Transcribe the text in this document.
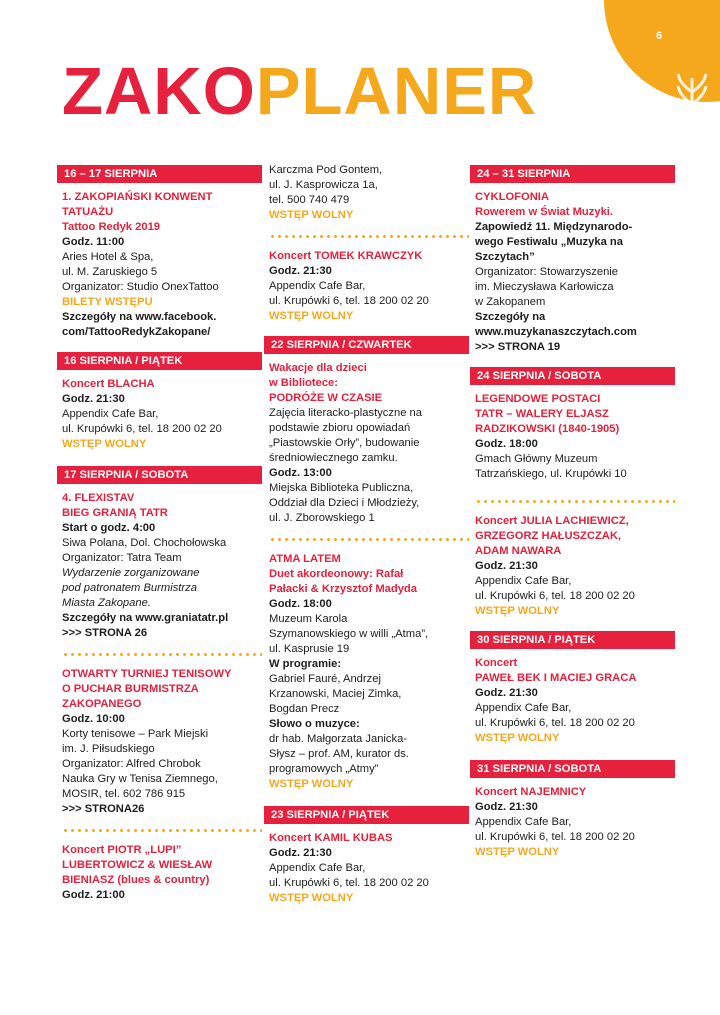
6
ZAKOPLANER
16 – 17 SIERPNIA
1. ZAKOPIAŃSKI KONWENT
TATUAŻU
Tattoo Redyk 2019
Godz. 11:00
Aries Hotel & Spa,
ul. M. Zaruskiego 5
Organizator: Studio OnexTattoo
BILETY WSTĘPU
Szczegóły na www.facebook.
com/TattooRedykZakopane/
16 SIERPNIA / PIĄTEK
Koncert BLACHA
Godz. 21:30
Appendix Cafe Bar,
ul. Krupówki 6, tel. 18 200 02 20
WSTĘP WOLNY
17 SIERPNIA / SOBOTA
4. FLEXISTAV
BIEG GRANIĄ TATR
Start o godz. 4:00
Siwa Polana, Dol. Chochołowska
Organizator: Tatra Team
Wydarzenie zorganizowane
pod patronatem Burmistrza
Miasta Zakopane.
Szczegóły na www.graniatatr.pl
>>> STRONA 26
OTWARTY TURNIEJ TENISOWY
O PUCHAR BURMISTRZA
ZAKOPANEGO
Godz. 10:00
Korty tenisowe – Park Miejski
im. J. Piłsudskiego
Organizator: Alfred Chrobok
Nauka Gry w Tenisa Ziemnego,
MOSIR, tel. 602 786 915
>>> STRONA26
Koncert PIOTR „LUPI”
LUBERTOWICZ & WIESŁAW
BIENIASZ (blues & country)
Godz. 21:00
Karczma Pod Gontem,
ul. J. Kasprowicza 1a,
tel. 500 740 479
WSTĘP WOLNY
Koncert TOMEK KRAWCZYK
Godz. 21:30
Appendix Cafe Bar,
ul. Krupówki 6, tel. 18 200 02 20
WSTĘP WOLNY
22 SIERPNIA / CZWARTEK
Wakacje dla dzieci
w Bibliotece:
PODRÓŻE W CZASIE
Zajęcia literacko-plastyczne na
podstawie zbioru opowiadań
„Piastowskie Orły”, budowanie
średniowiecznego zamku.
Godz. 13:00
Miejska Biblioteka Publiczna,
Oddział dla Dzieci i Młodzieży,
ul. J. Zborowskiego 1
ATMA LATEM
Duet akordeonowy: Rafał
Pałacki & Krzysztof Madyda
Godz. 18:00
Muzeum Karola
Szymanowskiego w willi „Atma”,
ul. Kasprusie 19
W programie:
Gabriel Fauré, Andrzej
Krzanowski, Maciej Zimka,
Bogdan Precz
Słowo o muzyce:
dr hab. Małgorzata Janicka-
Słysz – prof. AM, kurator ds.
programowych „Atmy”
WSTĘP WOLNY
23 SIERPNIA / PIĄTEK
Koncert KAMIL KUBAS
Godz. 21:30
Appendix Cafe Bar,
ul. Krupówki 6, tel. 18 200 02 20
WSTĘP WOLNY
24 – 31 SIERPNIA
CYKLOFONIA
Rowerem w Świat Muzyki.
Zapowiedź 11. Międzynarodo-
wego Festiwalu „Muzyka na
Szczytach”
Organizator: Stowarzyszenie
im. Mieczysława Karłowicza
w Zakopanem
Szczegóły na
www.muzykanaszczytach.com
>>> STRONA 19
24 SIERPNIA / SOBOTA
LEGENDOWE POSTACI
TATR – WALERY ELJASZ
RADZIKOWSKI (1840-1905)
Godz. 18:00
Gmach Główny Muzeum
Tatrzańskiego, ul. Krupówki 10
Koncert JULIA LACHIEWICZ,
GRZEGORZ HAŁUSZCZAK,
ADAM NAWARA
Godz. 21:30
Appendix Cafe Bar,
ul. Krupówki 6, tel. 18 200 02 20
WSTĘP WOLNY
30 SIERPNIA / PIĄTEK
Koncert
PAWEŁ BEK I MACIEJ GRACA
Godz. 21:30
Appendix Cafe Bar,
ul. Krupówki 6, tel. 18 200 02 20
WSTĘP WOLNY
31 SIERPNIA / SOBOTA
Koncert NAJEMNICY
Godz. 21:30
Appendix Cafe Bar,
ul. Krupówki 6, tel. 18 200 02 20
WSTĘP WOLNY
